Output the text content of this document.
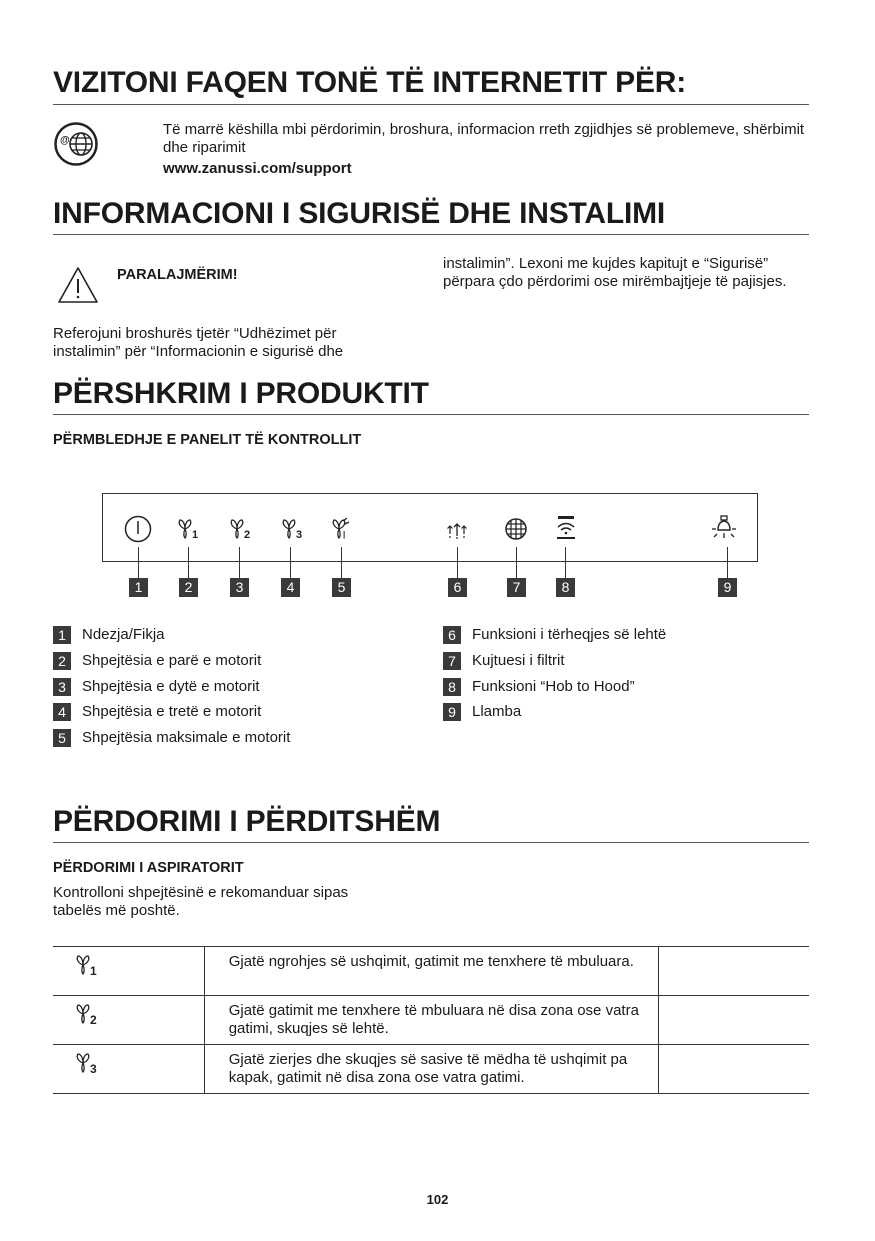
VIZITONI FAQEN TONË TË INTERNETIT PËR:
@
Të marrë këshilla mbi përdorimin, broshura, informacion rreth zgjidhjes së problemeve, shërbimit dhe riparimit
www.zanussi.com/support
INFORMACIONI I SIGURISË DHE INSTALIMI
PARALAJMËRIM!
Referojuni broshurës tjetër “Udhëzimet për instalimin” për “Informacionin e sigurisë dhe
instalimin”. Lexoni me kujdes kapitujt e “Sigurisë” përpara çdo përdorimi ose mirëmbajtjeje të pajisjes.
PËRSHKRIM I PRODUKTIT
PËRMBLEDHJE E PANELIT TË KONTROLLIT
1	2	3	|
1	2	3	4	5	6	7	8	9
1 Ndezja/Fikja
2 Shpejtësia e parë e motorit
3 Shpejtësia e dytë e motorit
4 Shpejtësia e tretë e motorit
5 Shpejtësia maksimale e motorit
6 Funksioni i tërheqjes së lehtë
7 Kujtuesi i filtrit
8 Funksioni “Hob to Hood”
9 Llamba
PËRDORIMI I PËRDITSHËM
PËRDORIMI I ASPIRATORIT
Kontrolloni shpejtësinë e rekomanduar sipas tabelës më poshtë.
1	Gjatë ngrohjes së ushqimit, gatimit me tenxhere të mbuluara.	

2	Gjatë gatimit me tenxhere të mbuluara në disa zona ose vatra gatimi, skuqjes së lehtë.	

3	Gjatë zierjes dhe skuqjes së sasive të mëdha të ushqimit pa kapak, gatimit në disa zona ose vatra gatimi.	
102
